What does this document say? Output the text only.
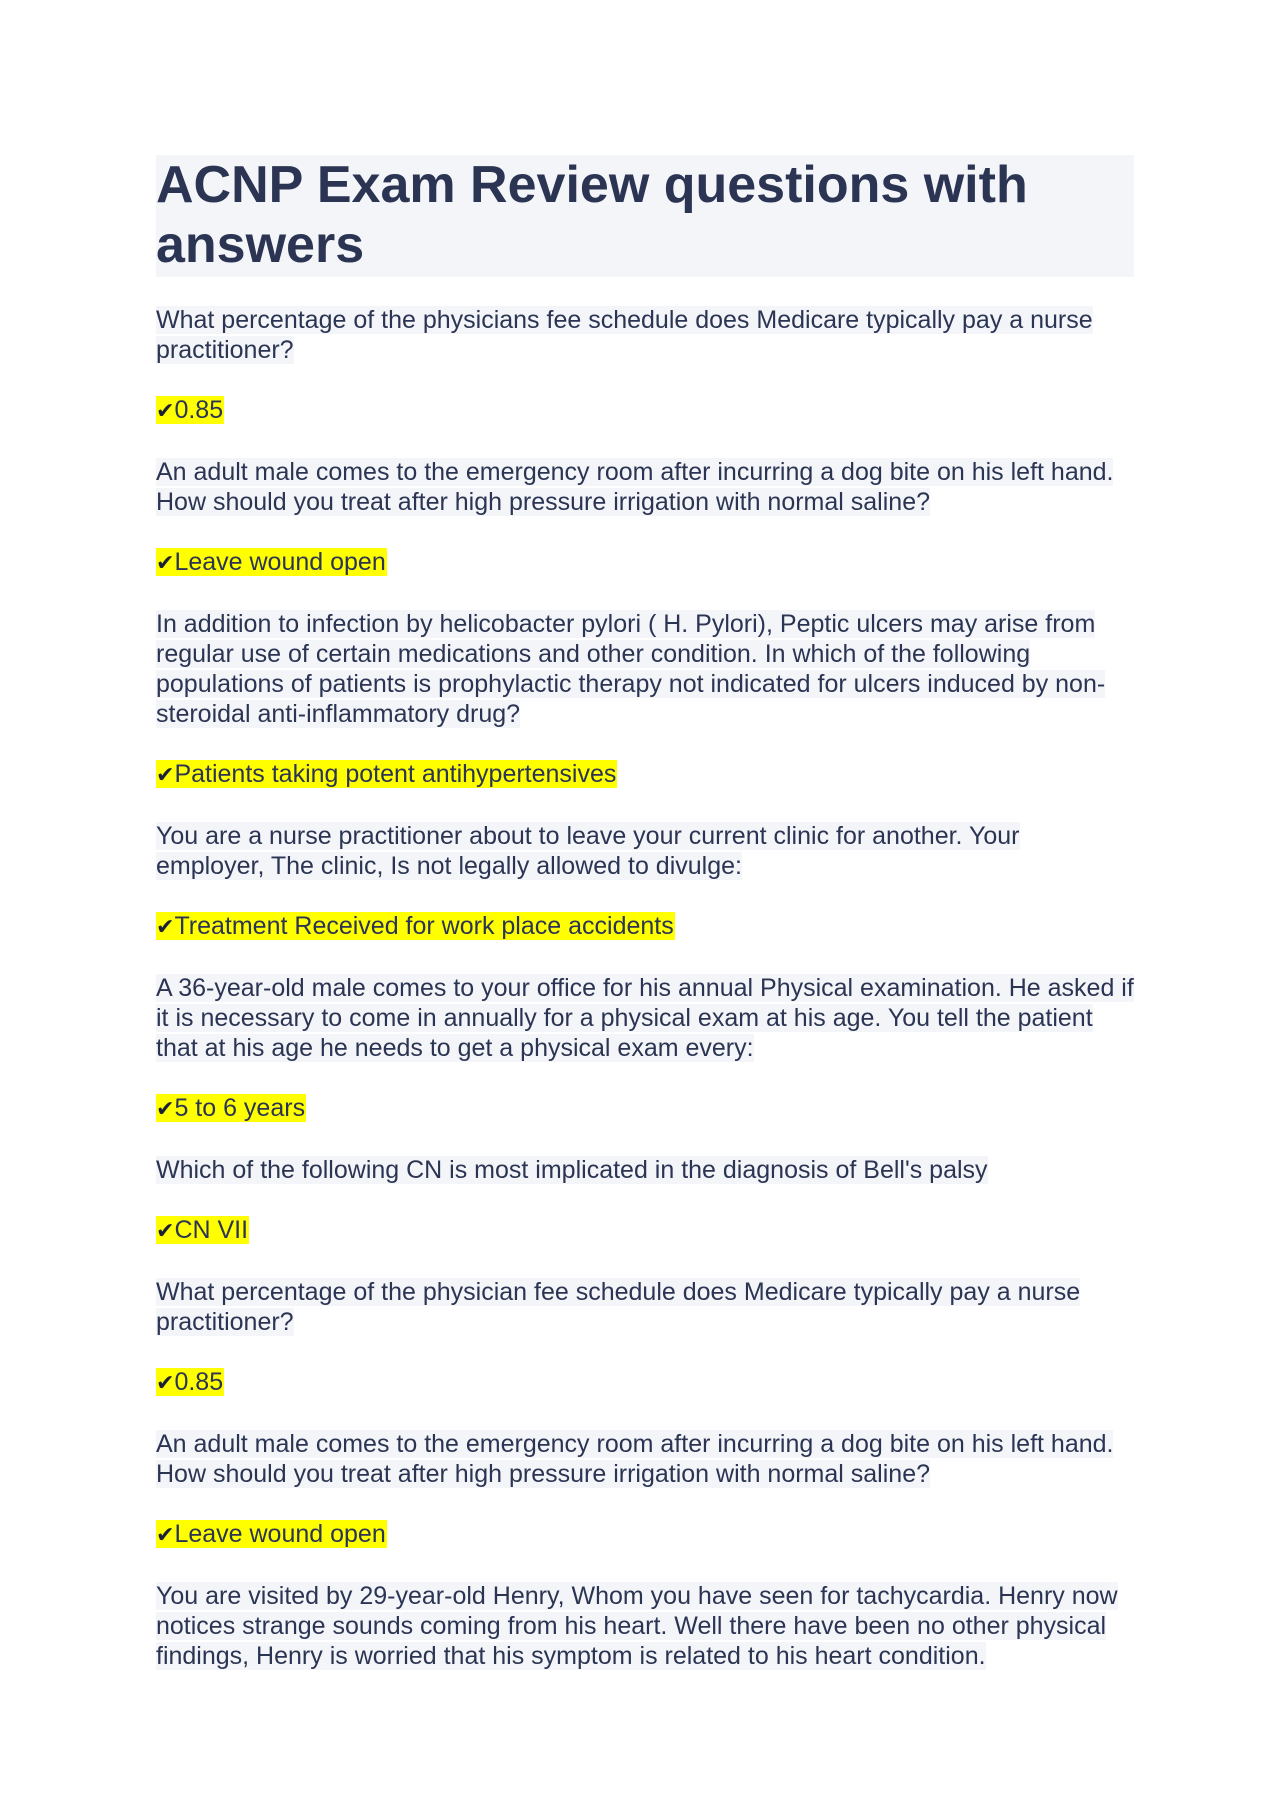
ACNP Exam Review questions with answers
What percentage of the physicians fee schedule does Medicare typically pay a nurse practitioner?
✔0.85
An adult male comes to the emergency room after incurring a dog bite on his left hand. How should you treat after high pressure irrigation with normal saline?
✔Leave wound open
In addition to infection by helicobacter pylori ( H. Pylori), Peptic ulcers may arise from regular use of certain medications and other condition. In which of the following populations of patients is prophylactic therapy not indicated for ulcers induced by non-steroidal anti-inflammatory drug?
✔Patients taking potent antihypertensives
You are a nurse practitioner about to leave your current clinic for another. Your employer, The clinic, Is not legally allowed to divulge:
✔Treatment Received for work place accidents
A 36-year-old male comes to your office for his annual Physical examination. He asked if it is necessary to come in annually for a physical exam at his age. You tell the patient that at his age he needs to get a physical exam every:
✔5 to 6 years
Which of the following CN is most implicated in the diagnosis of Bell's palsy
✔CN VII
What percentage of the physician fee schedule does Medicare typically pay a nurse practitioner?
✔0.85
An adult male comes to the emergency room after incurring a dog bite on his left hand. How should you treat after high pressure irrigation with normal saline?
✔Leave wound open
You are visited by 29-year-old Henry, Whom you have seen for tachycardia. Henry now notices strange sounds coming from his heart. Well there have been no other physical findings, Henry is worried that his symptom is related to his heart condition.
